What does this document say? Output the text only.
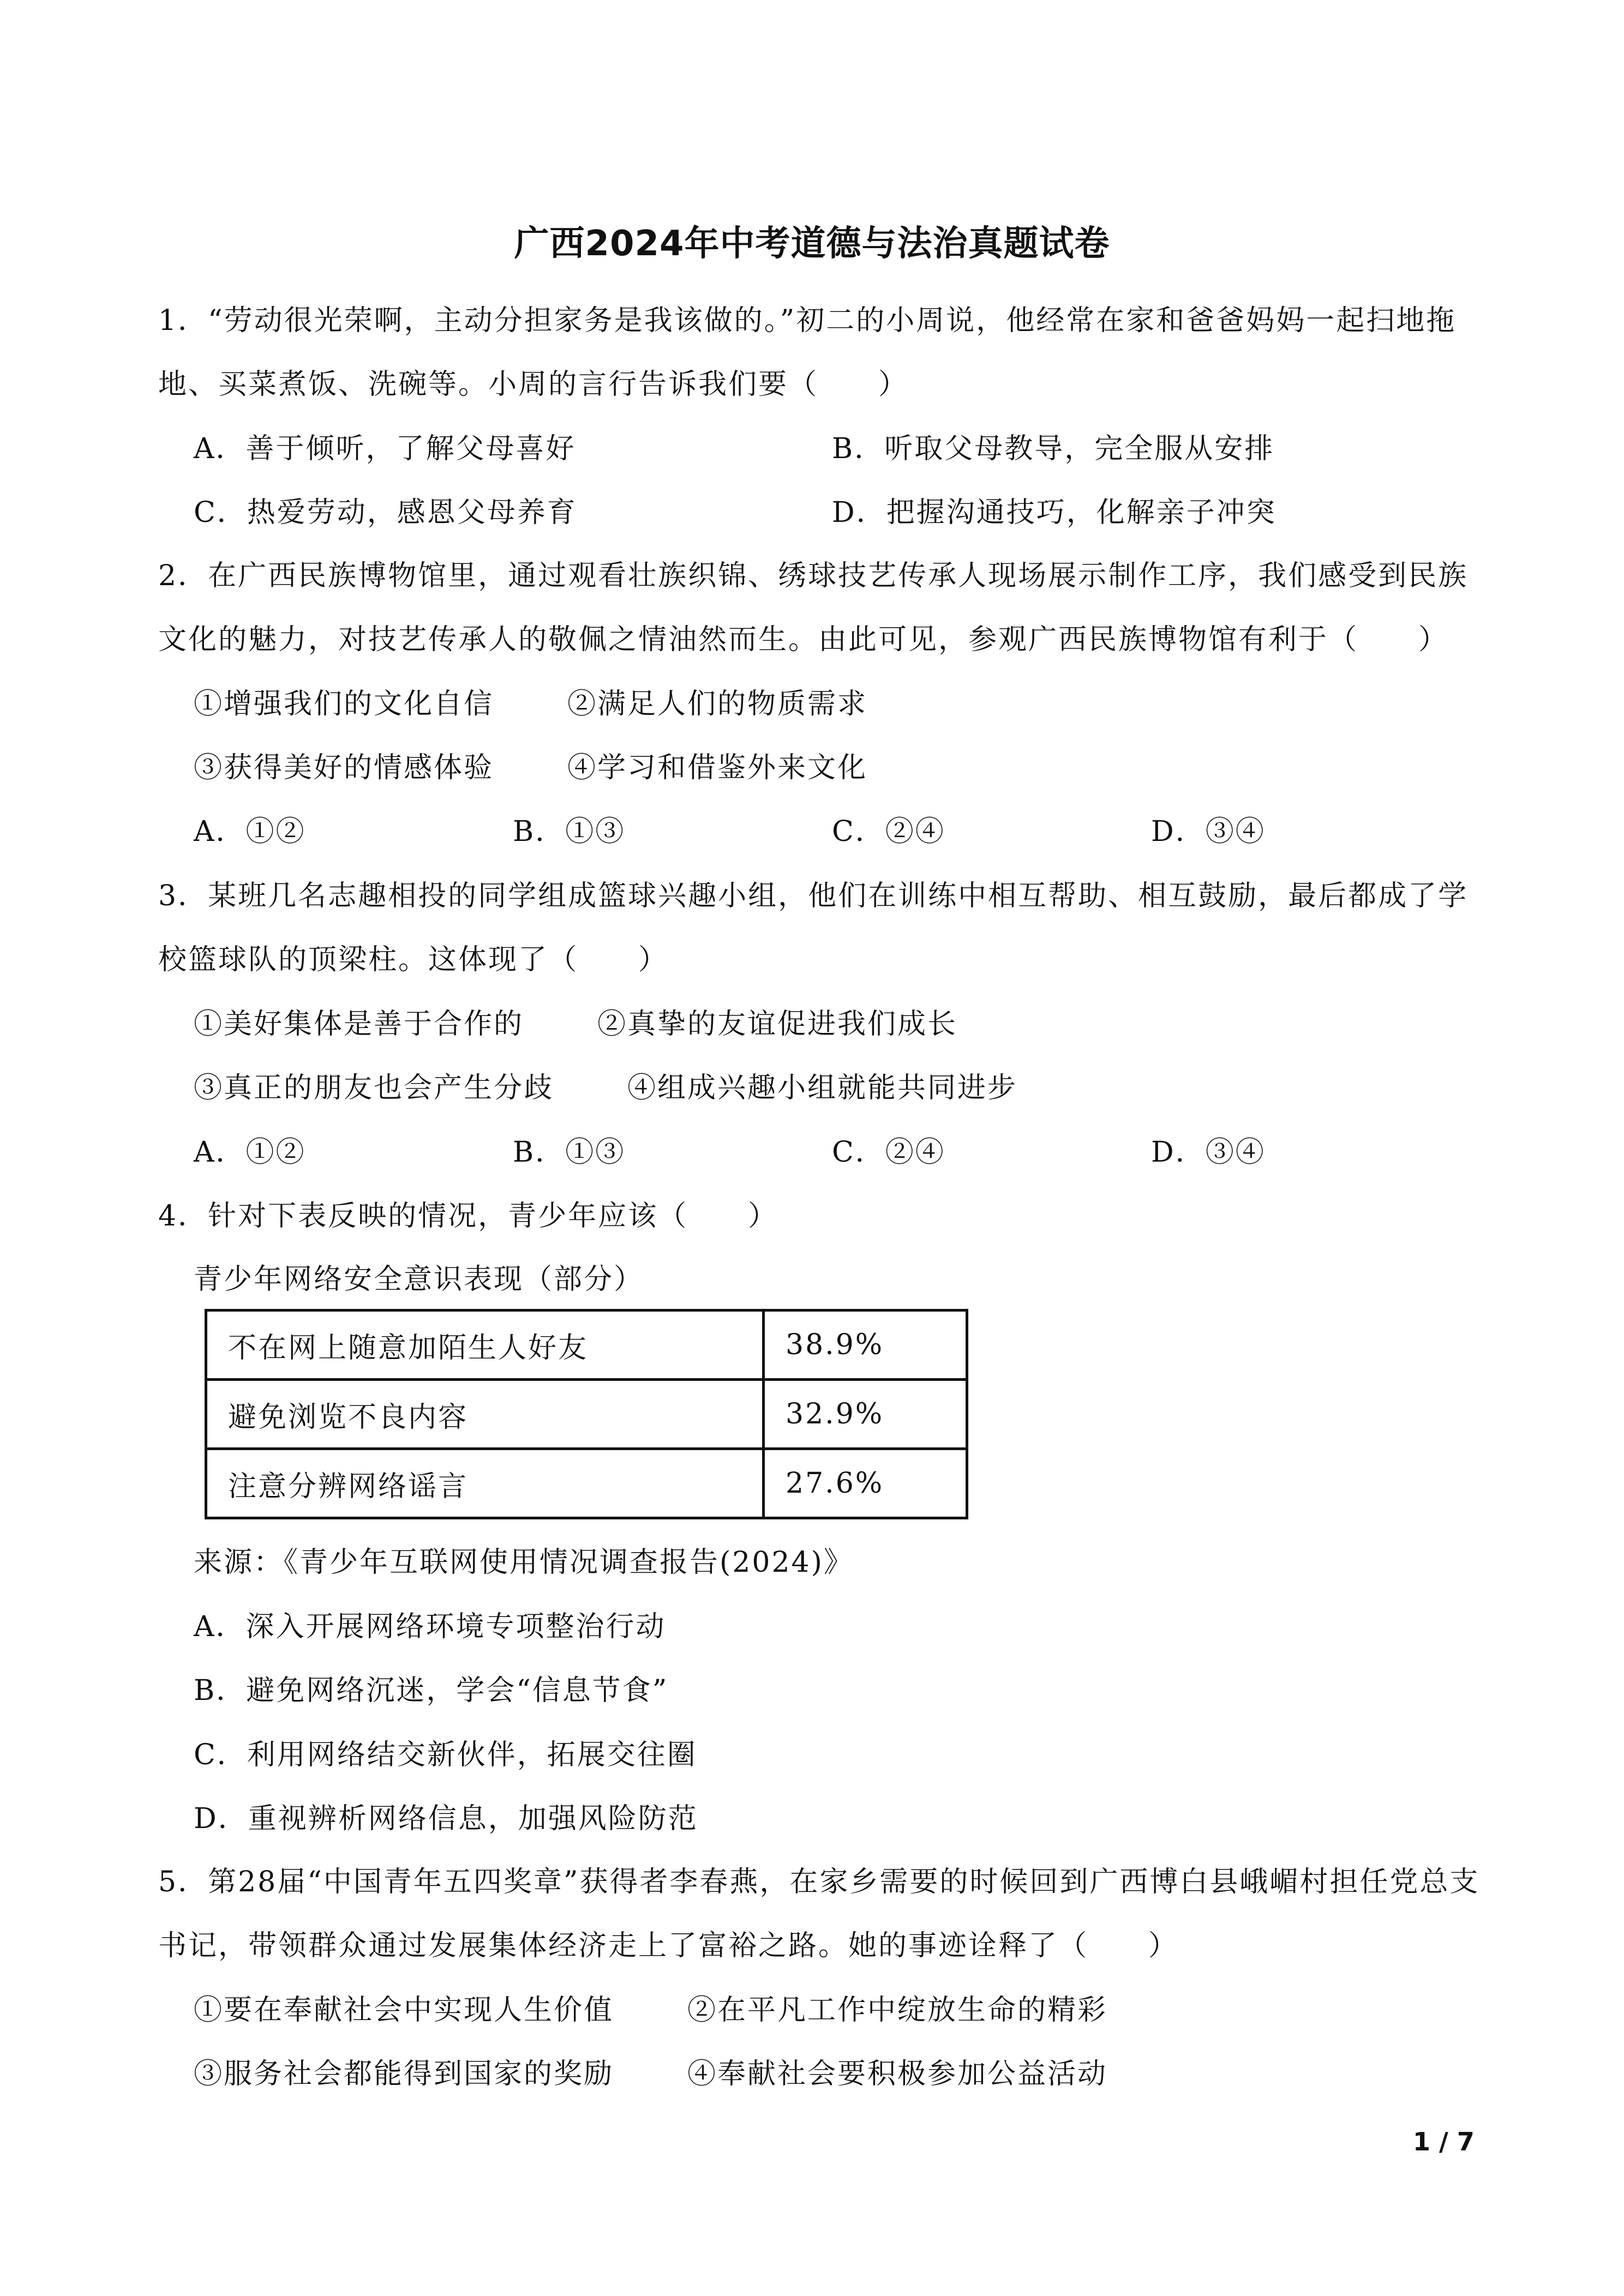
广西2024年中考道德与法治真题试卷
1．“劳动很光荣啊，主动分担家务是我该做的。”初二的小周说，他经常在家和爸爸妈妈一起扫地拖
地、买菜煮饭、洗碗等。小周的言行告诉我们要（　　）
A．善于倾听，了解父母喜好	B．听取父母教导，完全服从安排
C．热爱劳动，感恩父母养育	D．把握沟通技巧，化解亲子冲突
2．在广西民族博物馆里，通过观看壮族织锦、绣球技艺传承人现场展示制作工序，我们感受到民族
文化的魅力，对技艺传承人的敬佩之情油然而生。由此可见，参观广西民族博物馆有利于（　　）
①增强我们的文化自信	②满足人们的物质需求
③获得美好的情感体验	④学习和借鉴外来文化
A．①②	B．①③	C．②④	D．③④
3．某班几名志趣相投的同学组成篮球兴趣小组，他们在训练中相互帮助、相互鼓励，最后都成了学
校篮球队的顶梁柱。这体现了（　　）
①美好集体是善于合作的	②真挚的友谊促进我们成长
③真正的朋友也会产生分歧	④组成兴趣小组就能共同进步
A．①②	B．①③	C．②④	D．③④
4．针对下表反映的情况，青少年应该（　　）
青少年网络安全意识表现（部分）
不在网上随意加陌生人好友	38.9%
避免浏览不良内容	32.9%
注意分辨网络谣言	27.6%
来源：《青少年互联网使用情况调查报告(2024)》
A．深入开展网络环境专项整治行动
B．避免网络沉迷，学会“信息节食”
C．利用网络结交新伙伴，拓展交往圈
D．重视辨析网络信息，加强风险防范
5．第28届“中国青年五四奖章”获得者李春燕，在家乡需要的时候回到广西博白县峨嵋村担任党总支
书记，带领群众通过发展集体经济走上了富裕之路。她的事迹诠释了（　　）
①要在奉献社会中实现人生价值	②在平凡工作中绽放生命的精彩
③服务社会都能得到国家的奖励	④奉献社会要积极参加公益活动
1 / 7
